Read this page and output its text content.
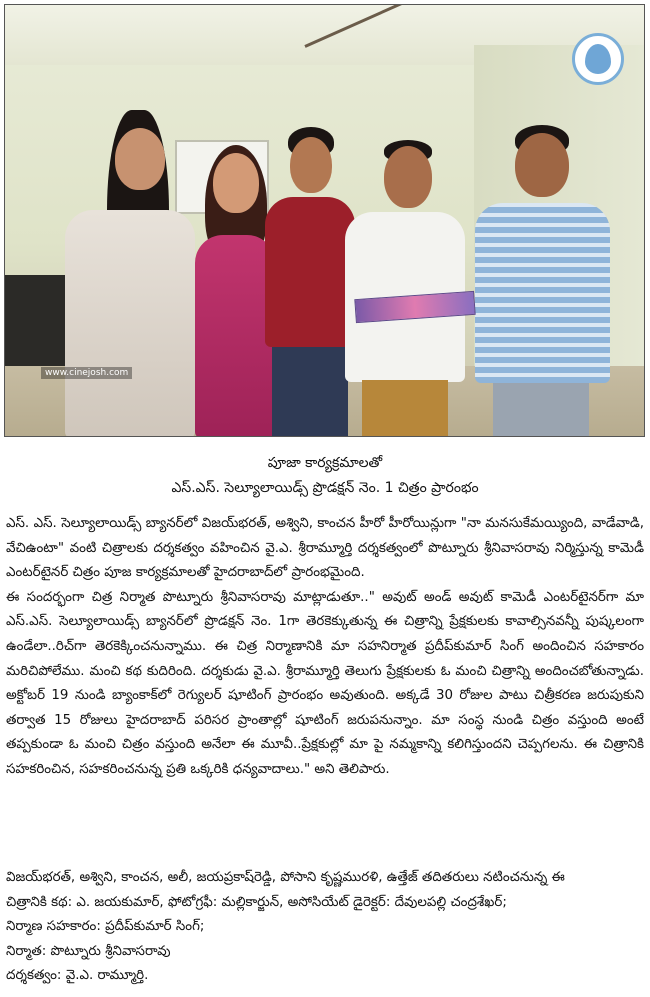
www.cinejosh.com
పూజా కార్యక్రమాలతో
ఎస్.ఎస్. సెల్యూలాయిడ్స్ ప్రొడక్షన్ నెం. 1 చిత్రం ప్రారంభం

ఎస్. ఎస్. సెల్యూలాయిడ్స్ బ్యానర్‌లో విజయ్‌భరత్, అశ్విని, కాంచన హీరో హీరోయిన్లుగా "నా మనసుకేమయ్యింది, వాడేవాడి, వేచిఉంటా" వంటి చిత్రాలకు దర్శకత్వం వహించిన వై.ఎ. శ్రీరామ్మూర్తి దర్శకత్వంలో పొట్నూరు శ్రీనివాసరావు నిర్మిస్తున్న కామెడీ ఎంటర్‌టైనర్ చిత్రం పూజ కార్యక్రమాలతో హైదరాబాద్‌లో ప్రారంభమైంది.

ఈ సందర్భంగా చిత్ర నిర్మాత పొట్నూరు శ్రీనివాసరావు మాట్లాడుతూ.." అవుట్ అండ్ అవుట్ కామెడీ ఎంటర్‌టైనర్‌గా మా ఎస్.ఎస్. సెల్యూలాయిడ్స్ బ్యానర్‌లో ప్రొడక్షన్ నెం. 1గా తెరకెక్కుతున్న ఈ చిత్రాన్ని ప్రేక్షకులకు కావాల్సినవన్నీ పుష్కలంగా ఉండేలా..రిచ్‌గా తెరకెక్కించనున్నాము. ఈ చిత్ర నిర్మాణానికి మా సహనిర్మాత ప్రదీప్‌కుమార్ సింగ్ అందించిన సహకారం మరిచిపోలేము. మంచి కథ కుదిరింది. దర్శకుడు వై.ఎ. శ్రీరామ్మూర్తి తెలుగు ప్రేక్షకులకు ఓ మంచి చిత్రాన్ని అందించబోతున్నాడు. అక్టోబర్ 19 నుండి బ్యాంకాక్‌లో రెగ్యులర్ షూటింగ్ ప్రారంభం అవుతుంది. అక్కడే 30 రోజుల పాటు చిత్రీకరణ జరుపుకుని తర్వాత 15 రోజులు హైదరాబాద్ పరిసర ప్రాంతాల్లో షూటింగ్ జరుపనున్నాం. మా సంస్థ నుండి చిత్రం వస్తుంది అంటే తప్పకుండా ఓ మంచి చిత్రం వస్తుంది అనేలా ఈ మూవీ..ప్రేక్షకుల్లో మా పై నమ్మకాన్ని కలిగిస్తుందని చెప్పగలను. ఈ చిత్రానికి సహకరించిన, సహకరించనున్న ప్రతి ఒక్కరికి ధన్యవాదాలు." అని తెలిపారు.

విజయ్‌భరత్, అశ్విని, కాంచన, అలీ, జయప్రకాష్‌రెడ్డి, పోసాని కృష్ణమురళి, ఉత్తేజ్ తదితరులు నటించనున్న ఈ
చిత్రానికి కథ: ఎ. జయకుమార్, ఫోటోగ్రఫీ: మల్లికార్జున్, అసోసియేట్ డైరెక్టర్: దేవులపల్లి చంద్రశేఖర్;
నిర్మాణ సహకారం: ప్రదీప్‌కుమార్ సింగ్;
నిర్మాత: పొట్నూరు శ్రీనివాసరావు
దర్శకత్వం: వై.ఎ. రామ్మూర్తి.
